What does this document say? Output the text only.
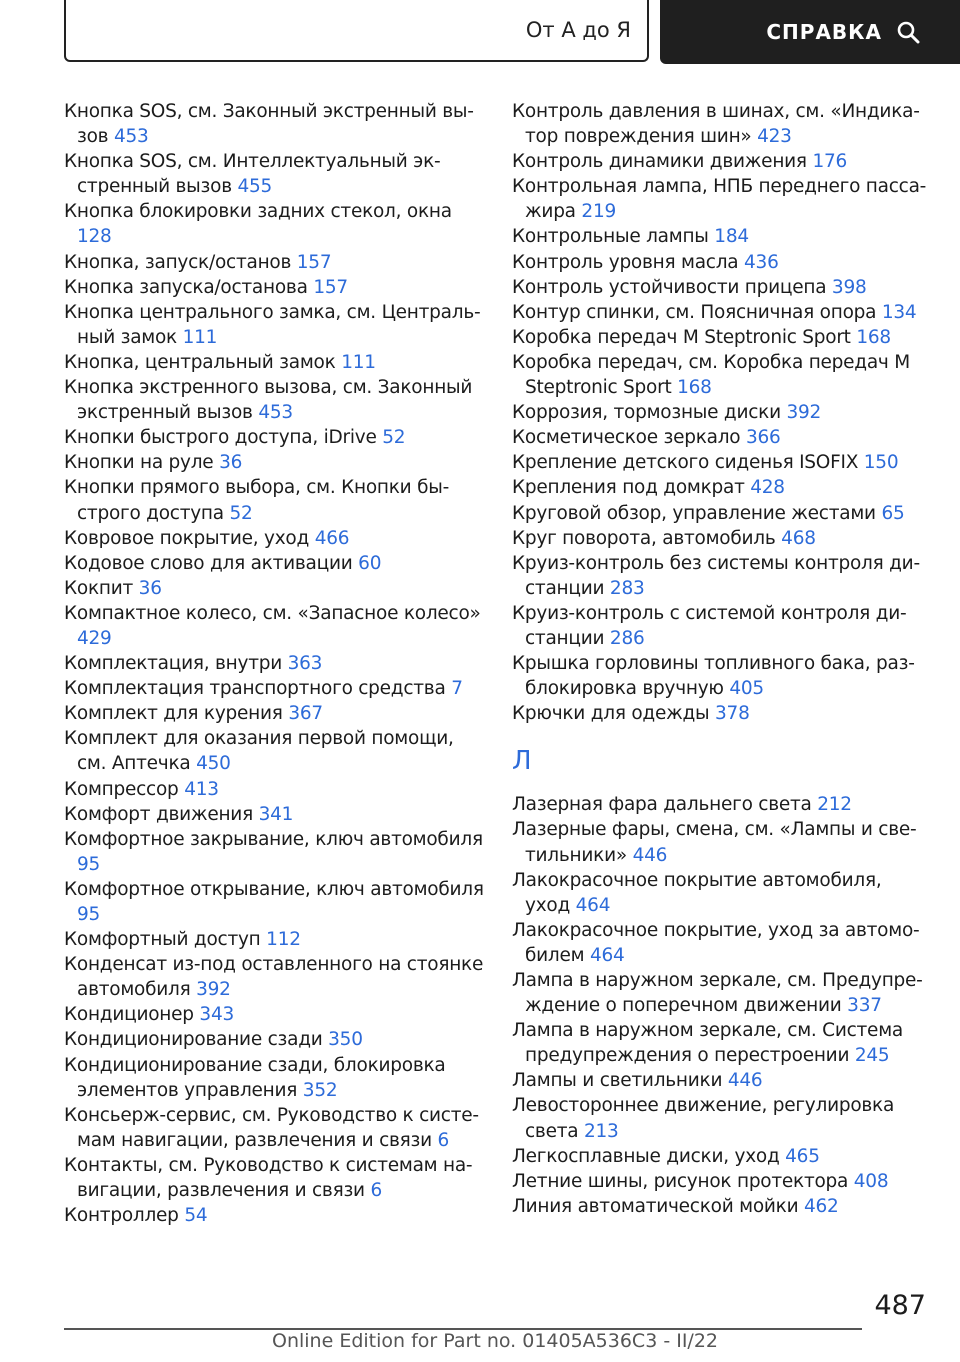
От А до Я	СПРАВКА
Кнопка SOS, см. Законный экстренный вызов 453
Кнопка SOS, см. Интеллектуальный экстренный вызов 455
Кнопка блокировки задних стекол, окна 128
Кнопка, запуск/останов 157
Кнопка запуска/останова 157
Кнопка центрального замка, см. Центральный замок 111
Кнопка, центральный замок 111
Кнопка экстренного вызова, см. Законный экстренный вызов 453
Кнопки быстрого доступа, iDrive 52
Кнопки на руле 36
Кнопки прямого выбора, см. Кнопки быстрого доступа 52
Ковровое покрытие, уход 466
Кодовое слово для активации 60
Кокпит 36
Компактное колесо, см. «Запасное колесо» 429
Комплектация, внутри 363
Комплектация транспортного средства 7
Комплект для курения 367
Комплект для оказания первой помощи, см. Аптечка 450
Компрессор 413
Комфорт движения 341
Комфортное закрывание, ключ автомобиля 95
Комфортное открывание, ключ автомобиля 95
Комфортный доступ 112
Конденсат из-под оставленного на стоянке автомобиля 392
Кондиционер 343
Кондиционирование сзади 350
Кондиционирование сзади, блокировка элементов управления 352
Консьерж-сервис, см. Руководство к системам навигации, развлечения и связи 6
Контакты, см. Руководство к системам навигации, развлечения и связи 6
Контроллер 54
Контроль давления в шинах, см. «Индикатор повреждения шин» 423
Контроль динамики движения 176
Контрольная лампа, НПБ переднего пассажира 219
Контрольные лампы 184
Контроль уровня масла 436
Контроль устойчивости прицепа 398
Контур спинки, см. Поясничная опора 134
Коробка передач M Steptronic Sport 168
Коробка передач, см. Коробка передач M Steptronic Sport 168
Коррозия, тормозные диски 392
Косметическое зеркало 366
Крепление детского сиденья ISOFIX 150
Крепления под домкрат 428
Круговой обзор, управление жестами 65
Круг поворота, автомобиль 468
Круиз-контроль без системы контроля дистанции 283
Круиз-контроль с системой контроля дистанции 286
Крышка горловины топливного бака, разблокировка вручную 405
Крючки для одежды 378
Л
Лазерная фара дальнего света 212
Лазерные фары, смена, см. «Лампы и светильники» 446
Лакокрасочное покрытие автомобиля, уход 464
Лакокрасочное покрытие, уход за автомобилем 464
Лампа в наружном зеркале, см. Предупреждение о поперечном движении 337
Лампа в наружном зеркале, см. Система предупреждения о перестроении 245
Лампы и светильники 446
Левостороннее движение, регулировка света 213
Легкосплавные диски, уход 465
Летние шины, рисунок протектора 408
Линия автоматической мойки 462
487
Online Edition for Part no. 01405A536C3 - II/22
